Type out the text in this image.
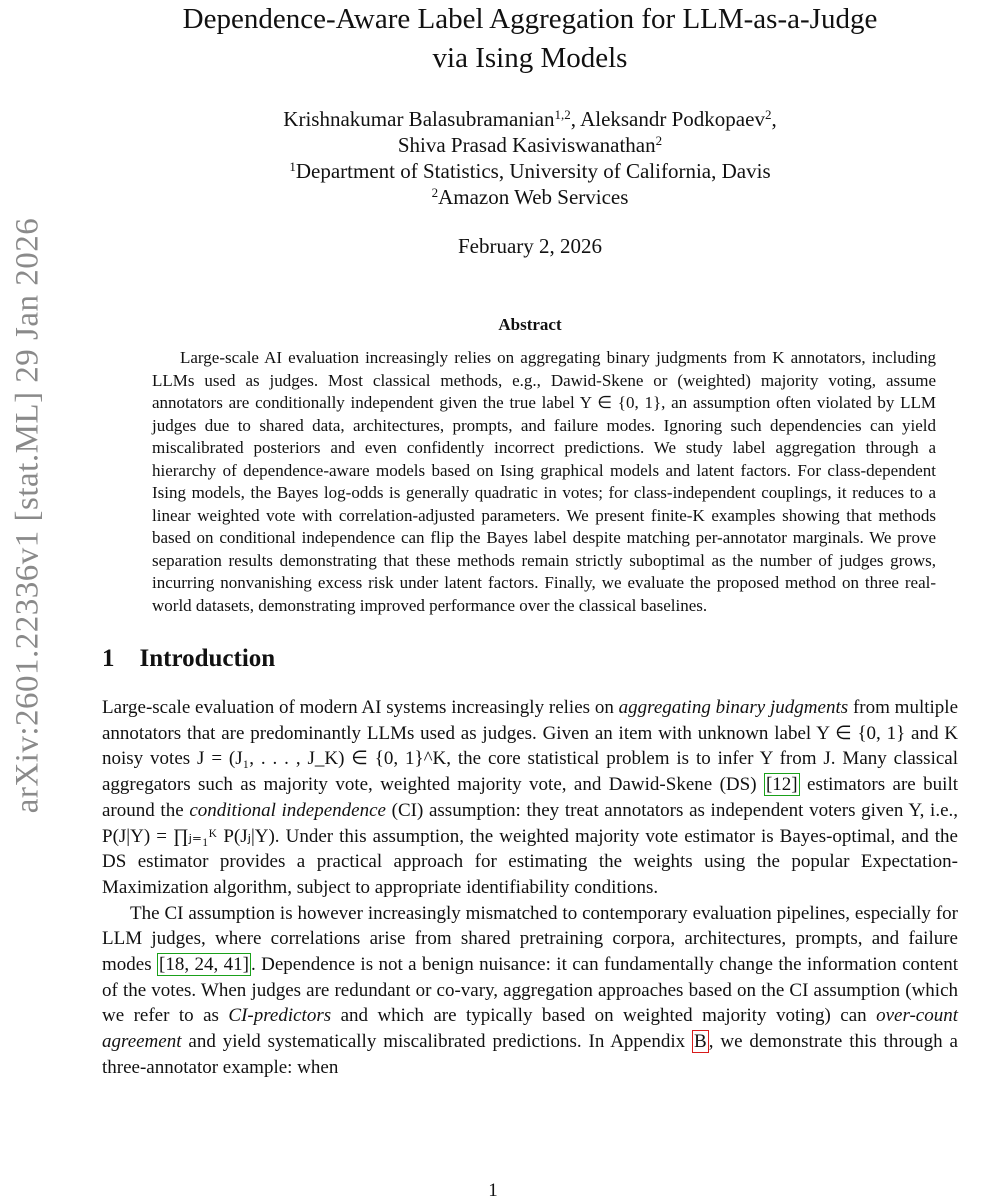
arXiv:2601.22336v1 [stat.ML] 29 Jan 2026
Dependence-Aware Label Aggregation for LLM-as-a-Judge
via Ising Models
Krishnakumar Balasubramanian$^{1,2}$, Aleksandr Podkopaev$^2$,
Shiva Prasad Kasiviswanathan$^2$
$^1$Department of Statistics, University of California, Davis
$^2$Amazon Web Services
February 2, 2026
Abstract
Large-scale AI evaluation increasingly relies on aggregating binary judgments from K annotators, including LLMs used as judges. Most classical methods, e.g., Dawid-Skene or (weighted) majority voting, assume annotators are conditionally independent given the true label Y ∈ {0, 1}, an assumption often violated by LLM judges due to shared data, architectures, prompts, and failure modes. Ignoring such dependencies can yield miscalibrated posteriors and even confidently incorrect predictions. We study label aggregation through a hierarchy of dependence-aware models based on Ising graphical models and latent factors. For class-dependent Ising models, the Bayes log-odds is generally quadratic in votes; for class-independent couplings, it reduces to a linear weighted vote with correlation-adjusted parameters. We present finite-K examples showing that methods based on conditional independence can flip the Bayes label despite matching per-annotator marginals. We prove separation results demonstrating that these methods remain strictly suboptimal as the number of judges grows, incurring nonvanishing excess risk under latent factors. Finally, we evaluate the proposed method on three real-world datasets, demonstrating improved performance over the classical baselines.
1 Introduction

Large-scale evaluation of modern AI systems increasingly relies on aggregating binary judgments from multiple annotators that are predominantly LLMs used as judges. Given an item with unknown label Y ∈ {0, 1} and K noisy votes J = (J₁, . . . , J_K) ∈ {0, 1}^K, the core statistical problem is to infer Y from J. Many classical aggregators such as majority vote, weighted majority vote, and Dawid-Skene (DS) [12] estimators are built around the conditional independence (CI) assumption: they treat annotators as independent voters given Y, i.e., P(J|Y) = ∏ⱼ₌₁ᴷ P(Jⱼ|Y). Under this assumption, the weighted majority vote estimator is Bayes-optimal, and the DS estimator provides a practical approach for estimating the weights using the popular Expectation-Maximization algorithm, subject to appropriate identifiability conditions.

The CI assumption is however increasingly mismatched to contemporary evaluation pipelines, especially for LLM judges, where correlations arise from shared pretraining corpora, architectures, prompts, and failure modes [18, 24, 41] . Dependence is not a benign nuisance: it can fundamentally change the information content of the votes. When judges are redundant or co-vary, aggregation approaches based on the CI assumption (which we refer to as CI-predictors and which are typically based on weighted majority voting) can over-count agreement and yield systematically miscalibrated predictions. In Appendix B , we demonstrate this through a three-annotator example: when

1
